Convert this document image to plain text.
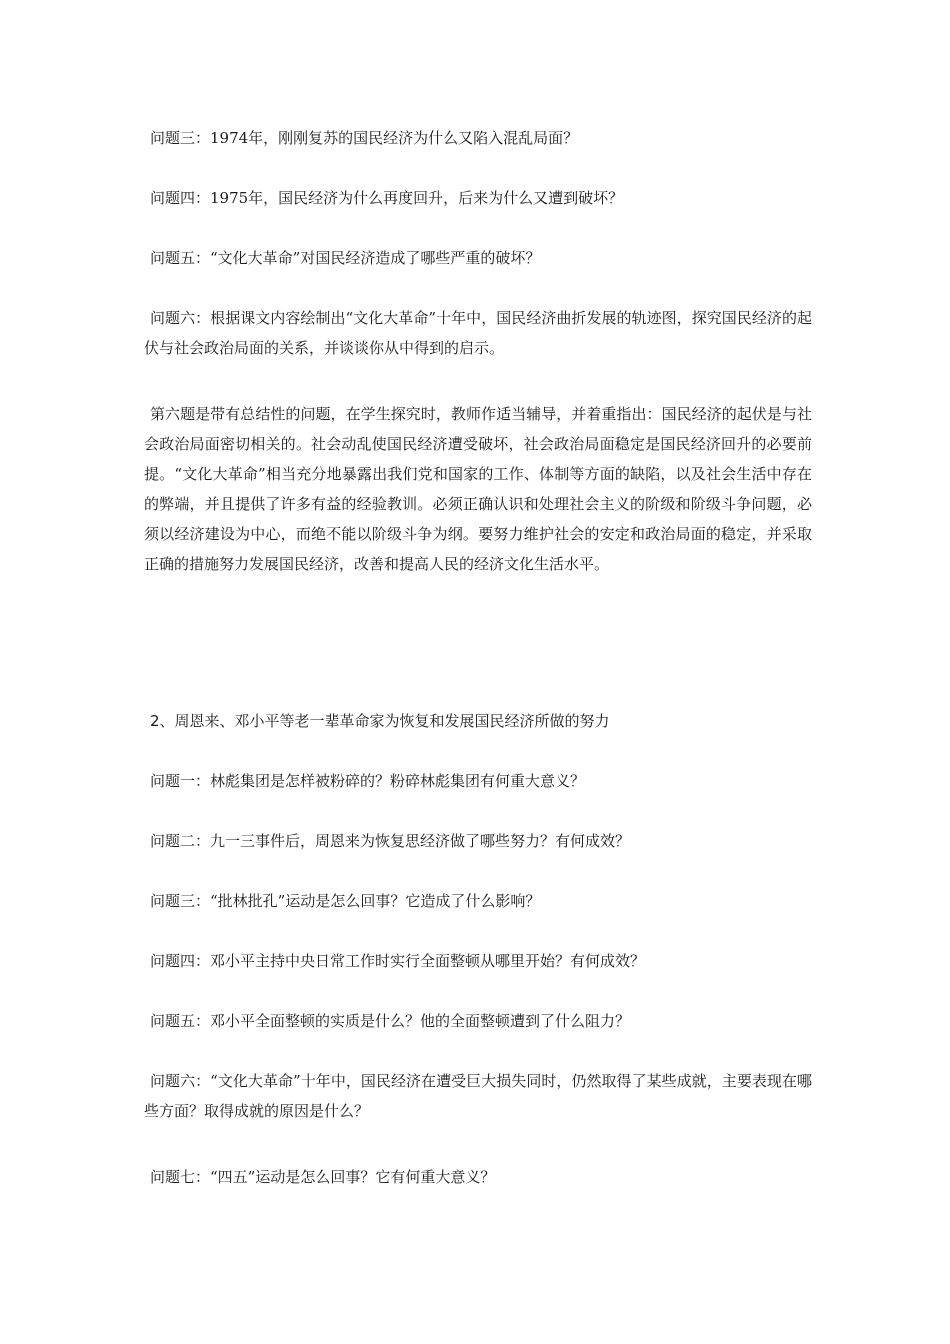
问题三：1974年，刚刚复苏的国民经济为什么又陷入混乱局面？

问题四：1975年，国民经济为什么再度回升，后来为什么又遭到破坏？

问题五：“文化大革命”对国民经济造成了哪些严重的破坏？

问题六：根据课文内容绘制出“文化大革命”十年中，国民经济曲折发展的轨迹图，探究国民经济的起伏与社会政治局面的关系，并谈谈你从中得到的启示。

第六题是带有总结性的问题，在学生探究时，教师作适当辅导，并着重指出：国民经济的起伏是与社会政治局面密切相关的。社会动乱使国民经济遭受破坏，社会政治局面稳定是国民经济回升的必要前提。“文化大革命”相当充分地暴露出我们党和国家的工作、体制等方面的缺陷，以及社会生活中存在的弊端，并且提供了许多有益的经验教训。必须正确认识和处理社会主义的阶级和阶级斗争问题，必须以经济建设为中心，而绝不能以阶级斗争为纲。要努力维护社会的安定和政治局面的稳定，并采取正确的措施努力发展国民经济，改善和提高人民的经济文化生活水平。

2、周恩来、邓小平等老一辈革命家为恢复和发展国民经济所做的努力

问题一：林彪集团是怎样被粉碎的？粉碎林彪集团有何重大意义？

问题二：九一三事件后，周恩来为恢复思经济做了哪些努力？有何成效？

问题三：“批林批孔”运动是怎么回事？它造成了什么影响？

问题四：邓小平主持中央日常工作时实行全面整顿从哪里开始？有何成效？

问题五：邓小平全面整顿的实质是什么？他的全面整顿遭到了什么阻力？

问题六：“文化大革命”十年中，国民经济在遭受巨大损失同时，仍然取得了某些成就，主要表现在哪些方面？取得成就的原因是什么？

问题七：“四五”运动是怎么回事？它有何重大意义？
